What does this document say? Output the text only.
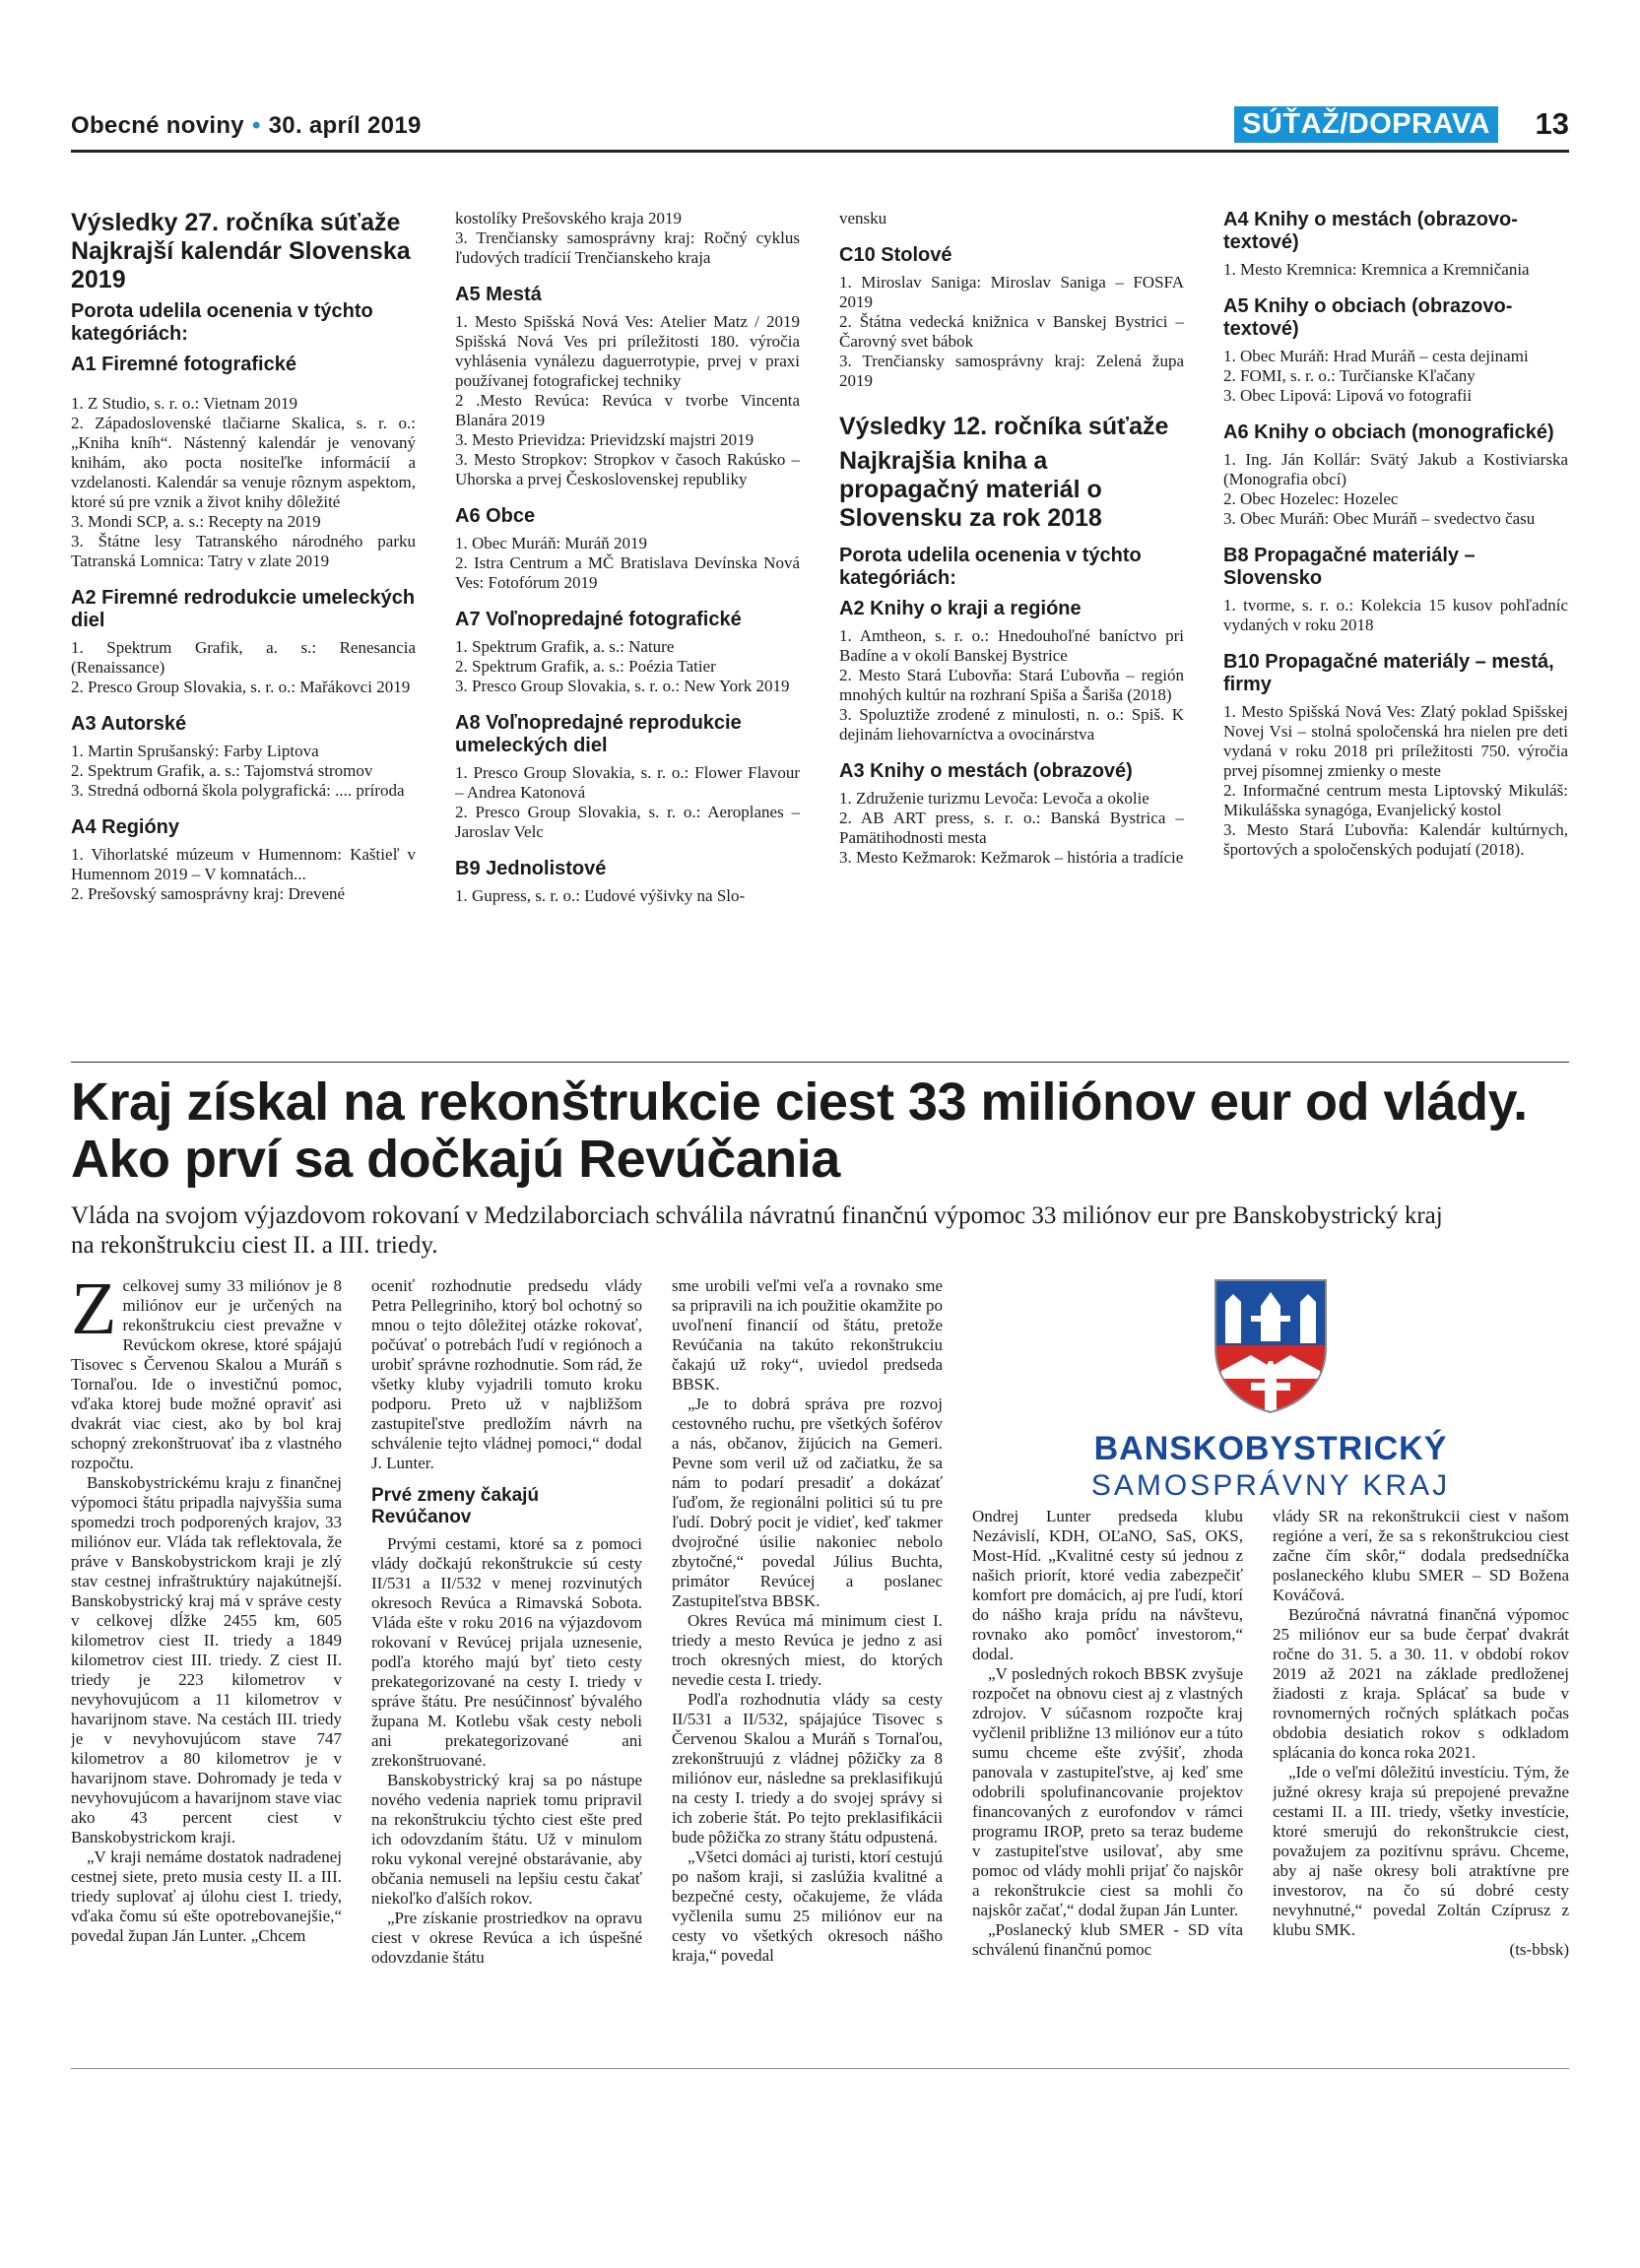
Obecné noviny • 30. apríl 2019	SÚŤAŽ/DOPRAVA 13
Výsledky 27. ročníka súťaže Najkrajší kalendár Slovenska 2019
Porota udelila ocenenia v týchto kategóriách:
A1 Firemné fotografické

1. Z Studio, s. r. o.: Vietnam 2019
2. Západoslovenské tlačiarne Skalica, s. r. o.: „Kniha kníh“. Nástenný kalendár je venovaný knihám, ako pocta nositeľke informácií a vzdelanosti. Kalendár sa venuje rôznym aspektom, ktoré sú pre vznik a život knihy dôležité
3. Mondi SCP, a. s.: Recepty na 2019
3. Štátne lesy Tatranského národného parku Tatranská Lomnica: Tatry v zlate 2019

A2 Firemné redrodukcie umeleckých diel

1. Spektrum Grafik, a. s.: Renesancia (Renaissance)
2. Presco Group Slovakia, s. r. o.: Mařákovci 2019

A3 Autorské

1. Martin Sprušanský: Farby Liptova
2. Spektrum Grafik, a. s.: Tajomstvá stromov
3. Stredná odborná škola polygrafická: .... príroda

A4 Regióny

1. Vihorlatské múzeum v Humennom: Kaštieľ v Humennom 2019 – V komnatách...
2. Prešovský samosprávny kraj: Drevené

kostolíky Prešovského kraja 2019
3. Trenčiansky samosprávny kraj: Ročný cyklus ľudových tradícií Trenčianskeho kraja

A5 Mestá

1. Mesto Spišská Nová Ves: Atelier Matz / 2019 Spišská Nová Ves pri príležitosti 180. výročia vyhlásenia vynálezu daguerrotypie, prvej v praxi používanej fotografickej techniky
2 .Mesto Revúca: Revúca v tvorbe Vincenta Blanára 2019
3. Mesto Prievidza: Prievidzskí majstri 2019
3. Mesto Stropkov: Stropkov v časoch Rakúsko – Uhorska a prvej Československej republiky

A6 Obce

1. Obec Muráň: Muráň 2019
2. Istra Centrum a MČ Bratislava Devínska Nová Ves: Fotofórum 2019

A7 Voľnopredajné fotografické

1. Spektrum Grafik, a. s.: Nature
2. Spektrum Grafik, a. s.: Poézia Tatier
3. Presco Group Slovakia, s. r. o.: New York 2019

A8 Voľnopredajné reprodukcie umeleckých diel

1. Presco Group Slovakia, s. r. o.: Flower Flavour – Andrea Katonová
2. Presco Group Slovakia, s. r. o.: Aeroplanes – Jaroslav Velc

B9 Jednolistové

1. Gupress, s. r. o.: Ľudové výšivky na Slo-

vensku

C10 Stolové

1. Miroslav Saniga: Miroslav Saniga – FOSFA 2019
2. Štátna vedecká knižnica v Banskej Bystrici – Čarovný svet bábok
3. Trenčiansky samosprávny kraj: Zelená župa 2019

Výsledky 12. ročníka súťaže
Najkrajšia kniha a propagačný materiál o Slovensku za rok 2018
Porota udelila ocenenia v týchto kategóriách:
A2 Knihy o kraji a regióne

1. Amtheon, s. r. o.: Hnedouhoľné baníctvo pri Badíne a v okolí Banskej Bystrice
2. Mesto Stará Ľubovňa: Stará Ľubovňa – región mnohých kultúr na rozhraní Spiša a Šariša (2018)
3. Spoluztiže zrodené z minulosti, n. o.: Spiš. K dejinám liehovarníctva a ovocinárstva

A3 Knihy o mestách (obrazové)

1. Združenie turizmu Levoča: Levoča a okolie
2. AB ART press, s. r. o.: Banská Bystrica – Pamätihodnosti mesta
3. Mesto Kežmarok: Kežmarok – história a tradície

A4 Knihy o mestách (obrazovo-textové)

1. Mesto Kremnica: Kremnica a Kremničania

A5 Knihy o obciach (obrazovo-textové)

1. Obec Muráň: Hrad Muráň – cesta dejinami
2. FOMI, s. r. o.: Turčianske Kľačany
3. Obec Lipová: Lipová vo fotografii

A6 Knihy o obciach (monografické)

1. Ing. Ján Kollár: Svätý Jakub a Kostiviarska (Monografia obcí)
2. Obec Hozelec: Hozelec
3. Obec Muráň: Obec Muráň – svedectvo času

B8 Propagačné materiály – Slovensko

1. tvorme, s. r. o.: Kolekcia 15 kusov pohľadníc vydaných v roku 2018

B10 Propagačné materiály – mestá, firmy

1. Mesto Spišská Nová Ves: Zlatý poklad Spišskej Novej Vsi – stolná spoločenská hra nielen pre deti vydaná v roku 2018 pri príležitosti 750. výročia prvej písomnej zmienky o meste
2. Informačné centrum mesta Liptovský Mikuláš: Mikulášska synagóga, Evanjelický kostol
3. Mesto Stará Ľubovňa: Kalendár kultúrnych, športových a spoločenských podujatí (2018).

Kraj získal na rekonštrukcie ciest 33 miliónov eur od vlády. Ako prví sa dočkajú Revúčania

Vláda na svojom výjazdovom rokovaní v Medzilaborciach schválila návratnú finančnú výpomoc 33 miliónov eur pre Banskobystrický kraj na rekonštrukciu ciest II. a III. triedy.

Z celkovej sumy 33 miliónov je 8 miliónov eur je určených na rekonštrukciu ciest prevažne v Revúckom okrese, ktoré spájajú Tisovec s Červenou Skalou a Muráň s Tornaľou. Ide o investičnú pomoc, vďaka ktorej bude možné opraviť asi dvakrát viac ciest, ako by bol kraj schopný zrekonštruovať iba z vlastného rozpočtu.

Banskobystrickému kraju z finančnej výpomoci štátu pripadla najvyššia suma spomedzi troch podporených krajov, 33 miliónov eur. Vláda tak reflektovala, že práve v Banskobystrickom kraji je zlý stav cestnej infraštruktúry najakútnejší. Banskobystrický kraj má v správe cesty v celkovej dĺžke 2455 km, 605 kilometrov ciest II. triedy a 1849 kilometrov ciest III. triedy. Z ciest II. triedy je 223 kilometrov v nevyhovujúcom a 11 kilometrov v havarijnom stave. Na cestách III. triedy je v nevyhovujúcom stave 747 kilometrov a 80 kilometrov je v havarijnom stave. Dohromady je teda v nevyhovujúcom a havarijnom stave viac ako 43 percent ciest v Banskobystrickom kraji.

„V kraji nemáme dostatok nadradenej cestnej siete, preto musia cesty II. a III. triedy suplovať aj úlohu ciest I. triedy, vďaka čomu sú ešte opotrebovanejšie,“ povedal župan Ján Lunter. „Chcem

oceniť rozhodnutie predsedu vlády Petra Pellegriniho, ktorý bol ochotný so mnou o tejto dôležitej otázke rokovať, počúvať o potrebách ľudí v regiónoch a urobiť správne rozhodnutie. Som rád, že všetky kluby vyjadrili tomuto kroku podporu. Preto už v najbližšom zastupiteľstve predložím návrh na schválenie tejto vládnej pomoci,“ dodal J. Lunter.

Prvé zmeny čakajú Revúčanov

Prvými cestami, ktoré sa z pomoci vlády dočkajú rekonštrukcie sú cesty II/531 a II/532 v menej rozvinutých okresoch Revúca a Rimavská Sobota. Vláda ešte v roku 2016 na výjazdovom rokovaní v Revúcej prijala uznesenie, podľa ktorého majú byť tieto cesty prekategorizované na cesty I. triedy v správe štátu. Pre nesúčinnosť bývalého župana M. Kotlebu však cesty neboli ani prekategorizované ani zrekonštruované.

Banskobystrický kraj sa po nástupe nového vedenia napriek tomu pripravil na rekonštrukciu týchto ciest ešte pred ich odovzdaním štátu. Už v minulom roku vykonal verejné obstarávanie, aby občania nemuseli na lepšiu cestu čakať niekoľko ďalších rokov.

„Pre získanie prostriedkov na opravu ciest v okrese Revúca a ich úspešné odovzdanie štátu

sme urobili veľmi veľa a rovnako sme sa pripravili na ich použitie okamžite po uvoľnení financií od štátu, pretože Revúčania na takúto rekonštrukciu čakajú už roky“, uviedol predseda BBSK.

„Je to dobrá správa pre rozvoj cestovného ruchu, pre všetkých šoférov a nás, občanov, žijúcich na Gemeri. Pevne som veril už od začiatku, že sa nám to podarí presadiť a dokázať ľuďom, že regionálni politici sú tu pre ľudí. Dobrý pocit je vidieť, keď takmer dvojročné úsilie nakoniec nebolo zbytočné,“ povedal Július Buchta, primátor Revúcej a poslanec Zastupiteľstva BBSK.

Okres Revúca má minimum ciest I. triedy a mesto Revúca je jedno z asi troch okresných miest, do ktorých nevedie cesta I. triedy.

Podľa rozhodnutia vlády sa cesty II/531 a II/532, spájajúce Tisovec s Červenou Skalou a Muráň s Tornaľou, zrekonštruujú z vládnej pôžičky za 8 miliónov eur, následne sa preklasifikujú na cesty I. triedy a do svojej správy si ich zoberie štát. Po tejto preklasifikácii bude pôžička zo strany štátu odpustená.

„Všetci domáci aj turisti, ktorí cestujú po našom kraji, si zaslúžia kvalitné a bezpečné cesty, očakujeme, že vláda vyčlenila sumu 25 miliónov eur na cesty vo všetkých okresoch nášho kraja,“ povedal

BANSKOBYSTRICKÝ
SAMOSPRÁVNY KRAJ

Ondrej Lunter predseda klubu Nezávislí, KDH, OĽaNO, SaS, OKS, Most-Híd. „Kvalitné cesty sú jednou z našich priorít, ktoré vedia zabezpečiť komfort pre domácich, aj pre ľudí, ktorí do nášho kraja prídu na návštevu, rovnako ako pomôcť investorom,“ dodal.

„V posledných rokoch BBSK zvyšuje rozpočet na obnovu ciest aj z vlastných zdrojov. V súčasnom rozpočte kraj vyčlenil približne 13 miliónov eur a túto sumu chceme ešte zvýšiť, zhoda panovala v zastupiteľstve, aj keď sme odobrili spolufinancovanie projektov financovaných z eurofondov v rámci programu IROP, preto sa teraz budeme v zastupiteľstve usilovať, aby sme pomoc od vlády mohli prijať čo najskôr a rekonštrukcie ciest sa mohli čo najskôr začať,“ dodal župan Ján Lunter.

„Poslanecký klub SMER - SD víta schválenú finančnú pomoc

vlády SR na rekonštrukcii ciest v našom regióne a verí, že sa s rekonštrukciou ciest začne čím skôr,“ dodala predsedníčka poslaneckého klubu SMER – SD Božena Kováčová.

Bezúročná návratná finančná výpomoc 25 miliónov eur sa bude čerpať dvakrát ročne do 31. 5. a 30. 11. v období rokov 2019 až 2021 na základe predloženej žiadosti z kraja. Splácať sa bude v rovnomerných ročných splátkach počas obdobia desiatich rokov s odkladom splácania do konca roka 2021.

„Ide o veľmi dôležitú investíciu. Tým, že južné okresy kraja sú prepojené prevažne cestami II. a III. triedy, všetky investície, ktoré smerujú do rekonštrukcie ciest, považujem za pozitívnu správu. Chceme, aby aj naše okresy boli atraktívne pre investorov, na čo sú dobré cesty nevyhnutné,“ povedal Zoltán Czíprusz z klubu SMK.

(ts-bbsk)
